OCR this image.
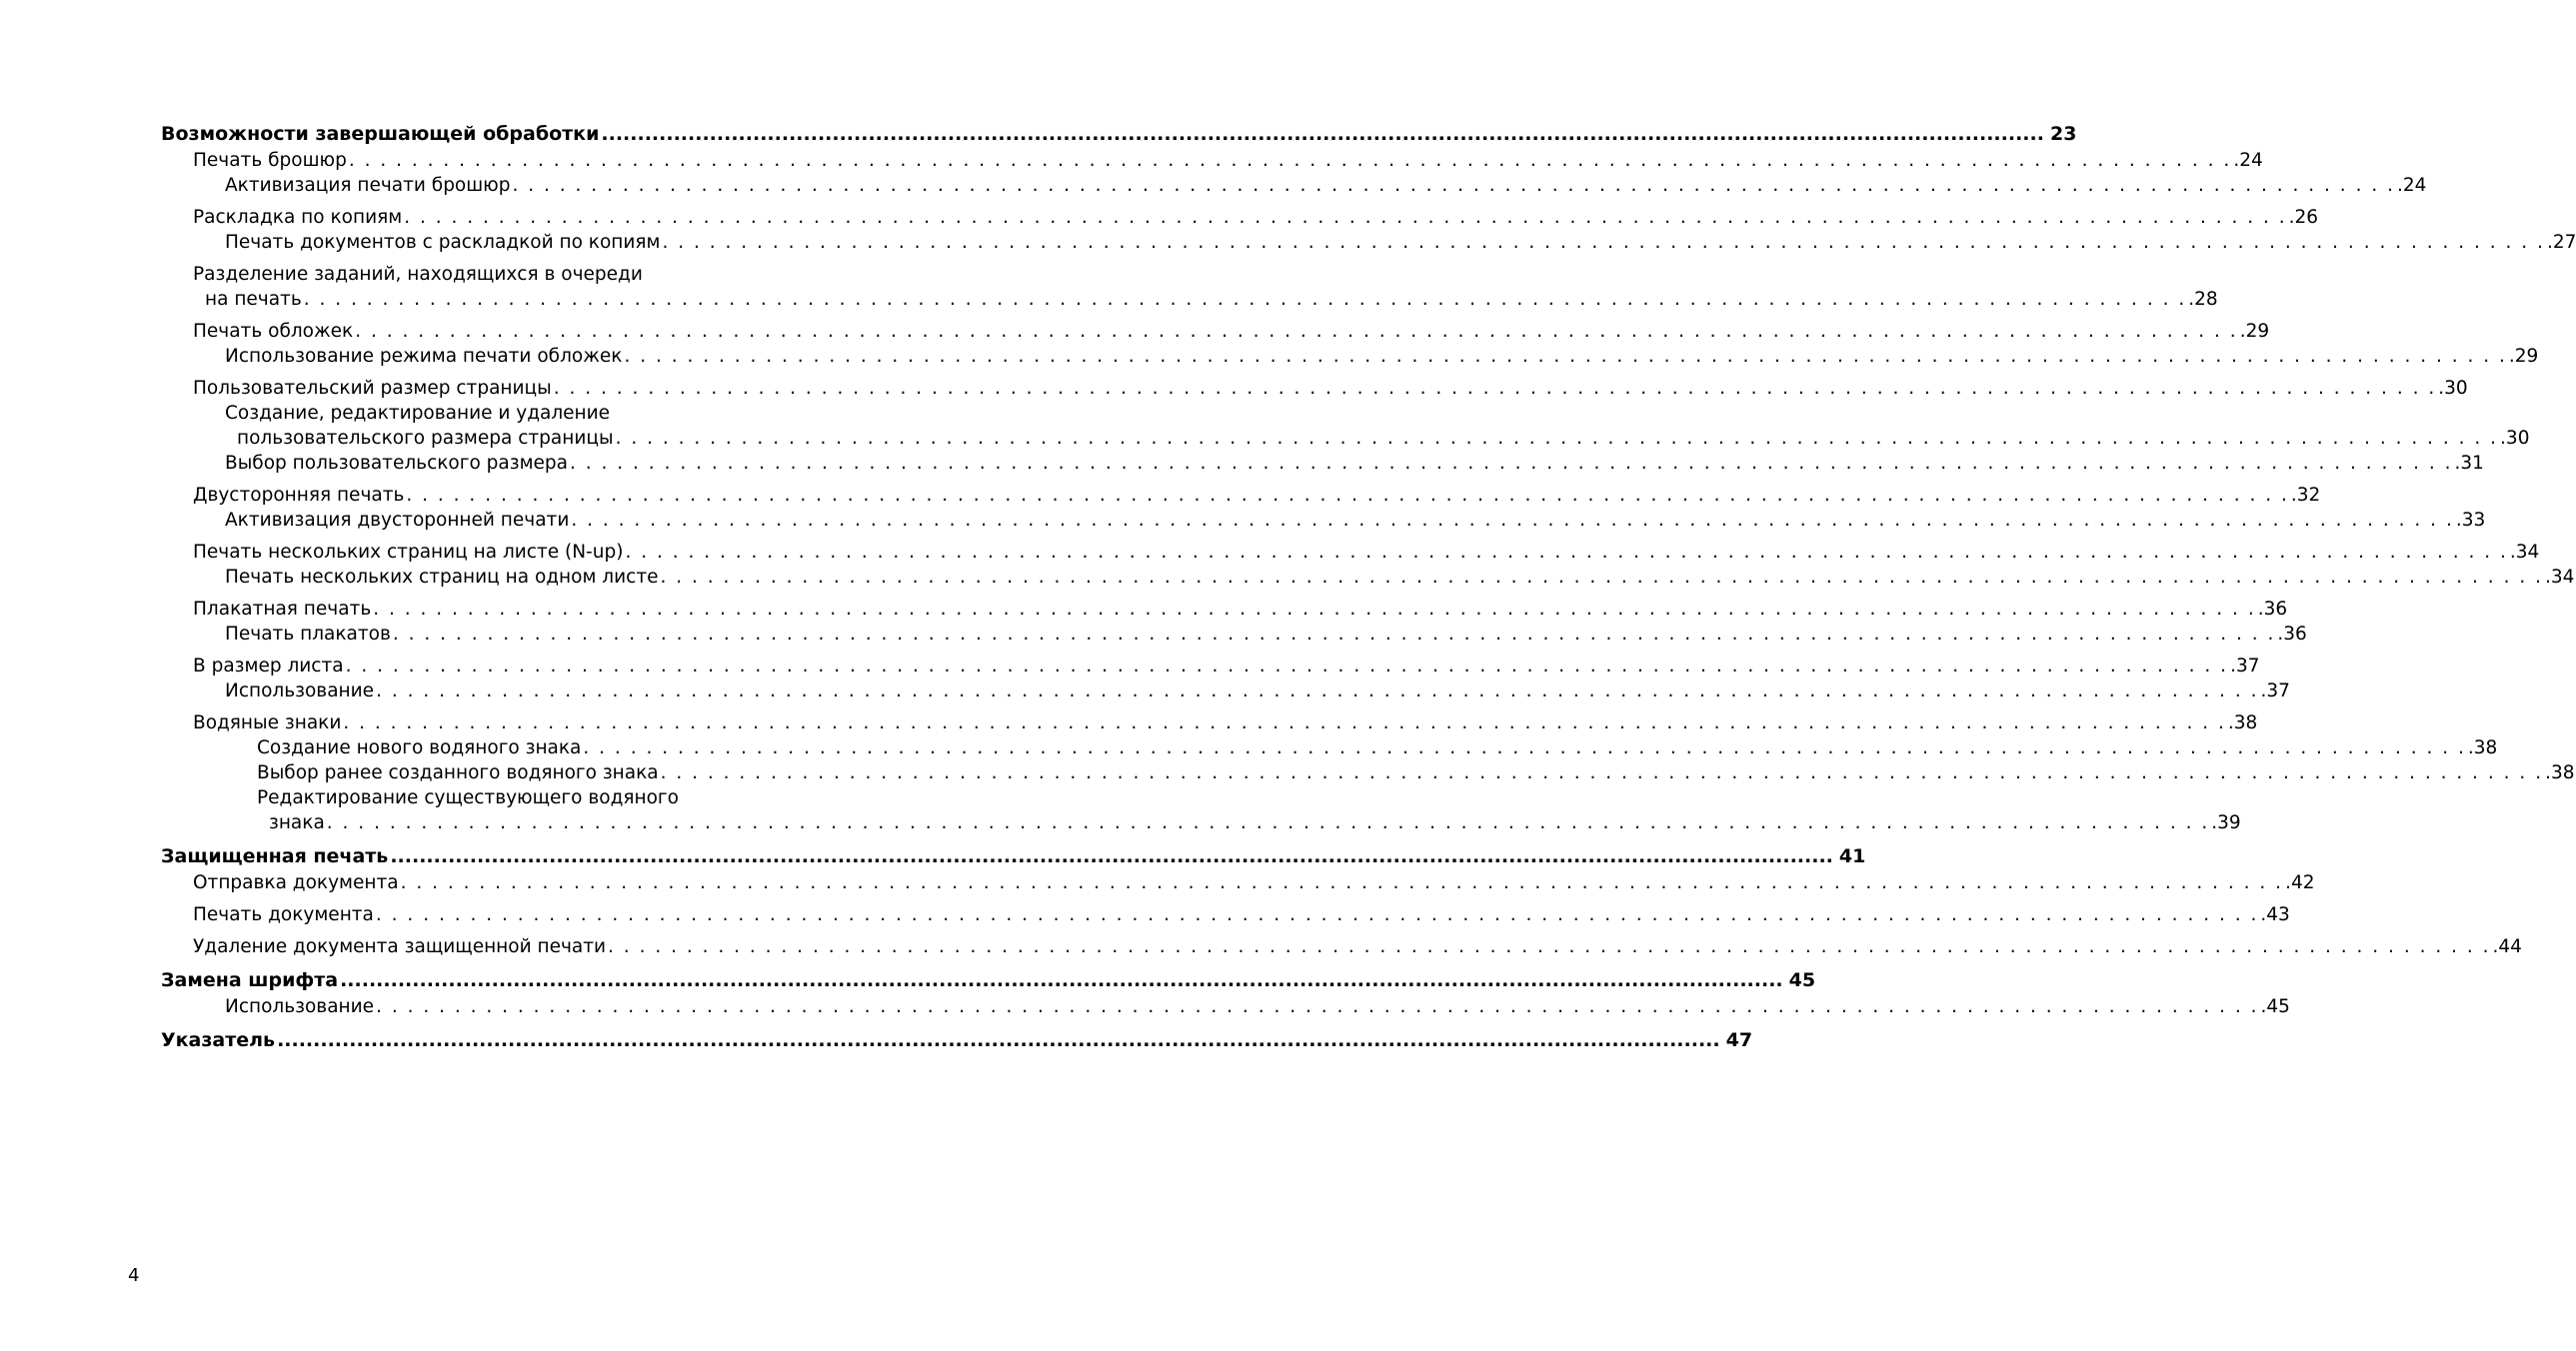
Возможности завершающей обработки ........................................................................................................................................................................................................ 23
Печать брошюр . . . . . . . . . . . . . . . . . . . . . . . . . . . . . . . . . . . . . . . . . . . . . . . . . . . . . . . . . . . . . . . . . . . . . . . . . . . . . . . . . . . . . . . . . . . . . . . . . . . . . . . . . . . . . . . . . . . . . . . . .24
Активизация печати брошюр . . . . . . . . . . . . . . . . . . . . . . . . . . . . . . . . . . . . . . . . . . . . . . . . . . . . . . . . . . . . . . . . . . . . . . . . . . . . . . . . . . . . . . . . . . . . . . . . . . . . . . . . . . . . . . . . . . . . . . . . .24
Раскладка по копиям . . . . . . . . . . . . . . . . . . . . . . . . . . . . . . . . . . . . . . . . . . . . . . . . . . . . . . . . . . . . . . . . . . . . . . . . . . . . . . . . . . . . . . . . . . . . . . . . . . . . . . . . . . . . . . . . . . . . . . . . .26
Печать документов с раскладкой по копиям . . . . . . . . . . . . . . . . . . . . . . . . . . . . . . . . . . . . . . . . . . . . . . . . . . . . . . . . . . . . . . . . . . . . . . . . . . . . . . . . . . . . . . . . . . . . . . . . . . . . . . . . . . . . . . . . . . . . . . . . .27
Разделение заданий, находящихся в очереди
на печать . . . . . . . . . . . . . . . . . . . . . . . . . . . . . . . . . . . . . . . . . . . . . . . . . . . . . . . . . . . . . . . . . . . . . . . . . . . . . . . . . . . . . . . . . . . . . . . . . . . . . . . . . . . . . . . . . . . . . . . . .28
Печать обложек . . . . . . . . . . . . . . . . . . . . . . . . . . . . . . . . . . . . . . . . . . . . . . . . . . . . . . . . . . . . . . . . . . . . . . . . . . . . . . . . . . . . . . . . . . . . . . . . . . . . . . . . . . . . . . . . . . . . . . . . .29
Использование режима печати обложек . . . . . . . . . . . . . . . . . . . . . . . . . . . . . . . . . . . . . . . . . . . . . . . . . . . . . . . . . . . . . . . . . . . . . . . . . . . . . . . . . . . . . . . . . . . . . . . . . . . . . . . . . . . . . . . . . . . . . . . . .29
Пользовательский размер страницы . . . . . . . . . . . . . . . . . . . . . . . . . . . . . . . . . . . . . . . . . . . . . . . . . . . . . . . . . . . . . . . . . . . . . . . . . . . . . . . . . . . . . . . . . . . . . . . . . . . . . . . . . . . . . . . . . . . . . . . . .30
Создание, редактирование и удаление
пользовательского размера страницы . . . . . . . . . . . . . . . . . . . . . . . . . . . . . . . . . . . . . . . . . . . . . . . . . . . . . . . . . . . . . . . . . . . . . . . . . . . . . . . . . . . . . . . . . . . . . . . . . . . . . . . . . . . . . . . . . . . . . . . . .30
Выбор пользовательского размера . . . . . . . . . . . . . . . . . . . . . . . . . . . . . . . . . . . . . . . . . . . . . . . . . . . . . . . . . . . . . . . . . . . . . . . . . . . . . . . . . . . . . . . . . . . . . . . . . . . . . . . . . . . . . . . . . . . . . . . . .31
Двусторонняя печать . . . . . . . . . . . . . . . . . . . . . . . . . . . . . . . . . . . . . . . . . . . . . . . . . . . . . . . . . . . . . . . . . . . . . . . . . . . . . . . . . . . . . . . . . . . . . . . . . . . . . . . . . . . . . . . . . . . . . . . . .32
Активизация двусторонней печати . . . . . . . . . . . . . . . . . . . . . . . . . . . . . . . . . . . . . . . . . . . . . . . . . . . . . . . . . . . . . . . . . . . . . . . . . . . . . . . . . . . . . . . . . . . . . . . . . . . . . . . . . . . . . . . . . . . . . . . . .33
Печать нескольких страниц на листе (N-up) . . . . . . . . . . . . . . . . . . . . . . . . . . . . . . . . . . . . . . . . . . . . . . . . . . . . . . . . . . . . . . . . . . . . . . . . . . . . . . . . . . . . . . . . . . . . . . . . . . . . . . . . . . . . . . . . . . . . . . . . .34
Печать нескольких страниц на одном листе . . . . . . . . . . . . . . . . . . . . . . . . . . . . . . . . . . . . . . . . . . . . . . . . . . . . . . . . . . . . . . . . . . . . . . . . . . . . . . . . . . . . . . . . . . . . . . . . . . . . . . . . . . . . . . . . . . . . . . . . .34
Плакатная печать . . . . . . . . . . . . . . . . . . . . . . . . . . . . . . . . . . . . . . . . . . . . . . . . . . . . . . . . . . . . . . . . . . . . . . . . . . . . . . . . . . . . . . . . . . . . . . . . . . . . . . . . . . . . . . . . . . . . . . . . .36
Печать плакатов . . . . . . . . . . . . . . . . . . . . . . . . . . . . . . . . . . . . . . . . . . . . . . . . . . . . . . . . . . . . . . . . . . . . . . . . . . . . . . . . . . . . . . . . . . . . . . . . . . . . . . . . . . . . . . . . . . . . . . . . .36
В размер листа . . . . . . . . . . . . . . . . . . . . . . . . . . . . . . . . . . . . . . . . . . . . . . . . . . . . . . . . . . . . . . . . . . . . . . . . . . . . . . . . . . . . . . . . . . . . . . . . . . . . . . . . . . . . . . . . . . . . . . . . .37
Использование . . . . . . . . . . . . . . . . . . . . . . . . . . . . . . . . . . . . . . . . . . . . . . . . . . . . . . . . . . . . . . . . . . . . . . . . . . . . . . . . . . . . . . . . . . . . . . . . . . . . . . . . . . . . . . . . . . . . . . . . .37
Водяные знаки . . . . . . . . . . . . . . . . . . . . . . . . . . . . . . . . . . . . . . . . . . . . . . . . . . . . . . . . . . . . . . . . . . . . . . . . . . . . . . . . . . . . . . . . . . . . . . . . . . . . . . . . . . . . . . . . . . . . . . . . .38
Создание нового водяного знака . . . . . . . . . . . . . . . . . . . . . . . . . . . . . . . . . . . . . . . . . . . . . . . . . . . . . . . . . . . . . . . . . . . . . . . . . . . . . . . . . . . . . . . . . . . . . . . . . . . . . . . . . . . . . . . . . . . . . . . . .38
Выбор ранее созданного водяного знака . . . . . . . . . . . . . . . . . . . . . . . . . . . . . . . . . . . . . . . . . . . . . . . . . . . . . . . . . . . . . . . . . . . . . . . . . . . . . . . . . . . . . . . . . . . . . . . . . . . . . . . . . . . . . . . . . . . . . . . . .38
Редактирование существующего водяного
знака . . . . . . . . . . . . . . . . . . . . . . . . . . . . . . . . . . . . . . . . . . . . . . . . . . . . . . . . . . . . . . . . . . . . . . . . . . . . . . . . . . . . . . . . . . . . . . . . . . . . . . . . . . . . . . . . . . . . . . . . .39
Защищенная печать ........................................................................................................................................................................................................ 41
Отправка документа . . . . . . . . . . . . . . . . . . . . . . . . . . . . . . . . . . . . . . . . . . . . . . . . . . . . . . . . . . . . . . . . . . . . . . . . . . . . . . . . . . . . . . . . . . . . . . . . . . . . . . . . . . . . . . . . . . . . . . . . .42
Печать документа . . . . . . . . . . . . . . . . . . . . . . . . . . . . . . . . . . . . . . . . . . . . . . . . . . . . . . . . . . . . . . . . . . . . . . . . . . . . . . . . . . . . . . . . . . . . . . . . . . . . . . . . . . . . . . . . . . . . . . . . .43
Удаление документа защищенной печати . . . . . . . . . . . . . . . . . . . . . . . . . . . . . . . . . . . . . . . . . . . . . . . . . . . . . . . . . . . . . . . . . . . . . . . . . . . . . . . . . . . . . . . . . . . . . . . . . . . . . . . . . . . . . . . . . . . . . . . . .44
Замена шрифта ........................................................................................................................................................................................................ 45
Использование . . . . . . . . . . . . . . . . . . . . . . . . . . . . . . . . . . . . . . . . . . . . . . . . . . . . . . . . . . . . . . . . . . . . . . . . . . . . . . . . . . . . . . . . . . . . . . . . . . . . . . . . . . . . . . . . . . . . . . . . .45
Указатель ........................................................................................................................................................................................................ 47
4
